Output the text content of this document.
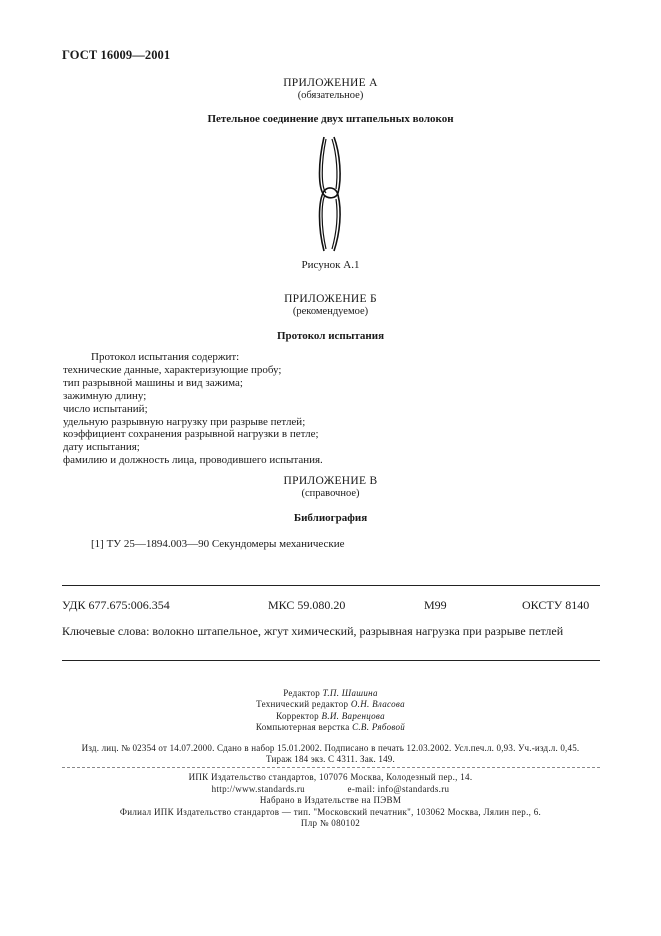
ГОСТ 16009—2001
ПРИЛОЖЕНИЕ А
(обязательное)
Петельное соединение двух штапельных волокон
Рисунок А.1
ПРИЛОЖЕНИЕ Б
(рекомендуемое)
Протокол испытания
Протокол испытания содержит:
технические данные, характеризующие пробу;
тип разрывной машины и вид зажима;
зажимную длину;
число испытаний;
удельную разрывную нагрузку при разрыве петлей;
коэффициент сохранения разрывной нагрузки в петле;
дату испытания;
фамилию и должность лица, проводившего испытания.
ПРИЛОЖЕНИЕ В
(справочное)
Библиография
[1] ТУ 25—1894.003—90 Секундомеры механические
УДК 677.675:006.354	МКС 59.080.20	М99	ОКСТУ 8140
Ключевые слова: волокно штапельное, жгут химический, разрывная нагрузка при разрыве петлей
Редактор Т.П. Шашина
Технический редактор О.Н. Власова
Корректор В.И. Варенцова
Компьютерная верстка С.В. Рябовой
Изд. лиц. № 02354 от 14.07.2000. Сдано в набор 15.01.2002. Подписано в печать 12.03.2002. Усл.печ.л. 0,93. Уч.-изд.л. 0,45.
Тираж 184 экз. С 4311. Зак. 149.
ИПК Издательство стандартов, 107076 Москва, Колодезный пер., 14.
http://www.standards.ru	e-mail: info@standards.ru
Набрано в Издательстве на ПЭВМ
Филиал ИПК Издательство стандартов — тип. "Московский печатник", 103062 Москва, Лялин пер., 6.
Плр № 080102
